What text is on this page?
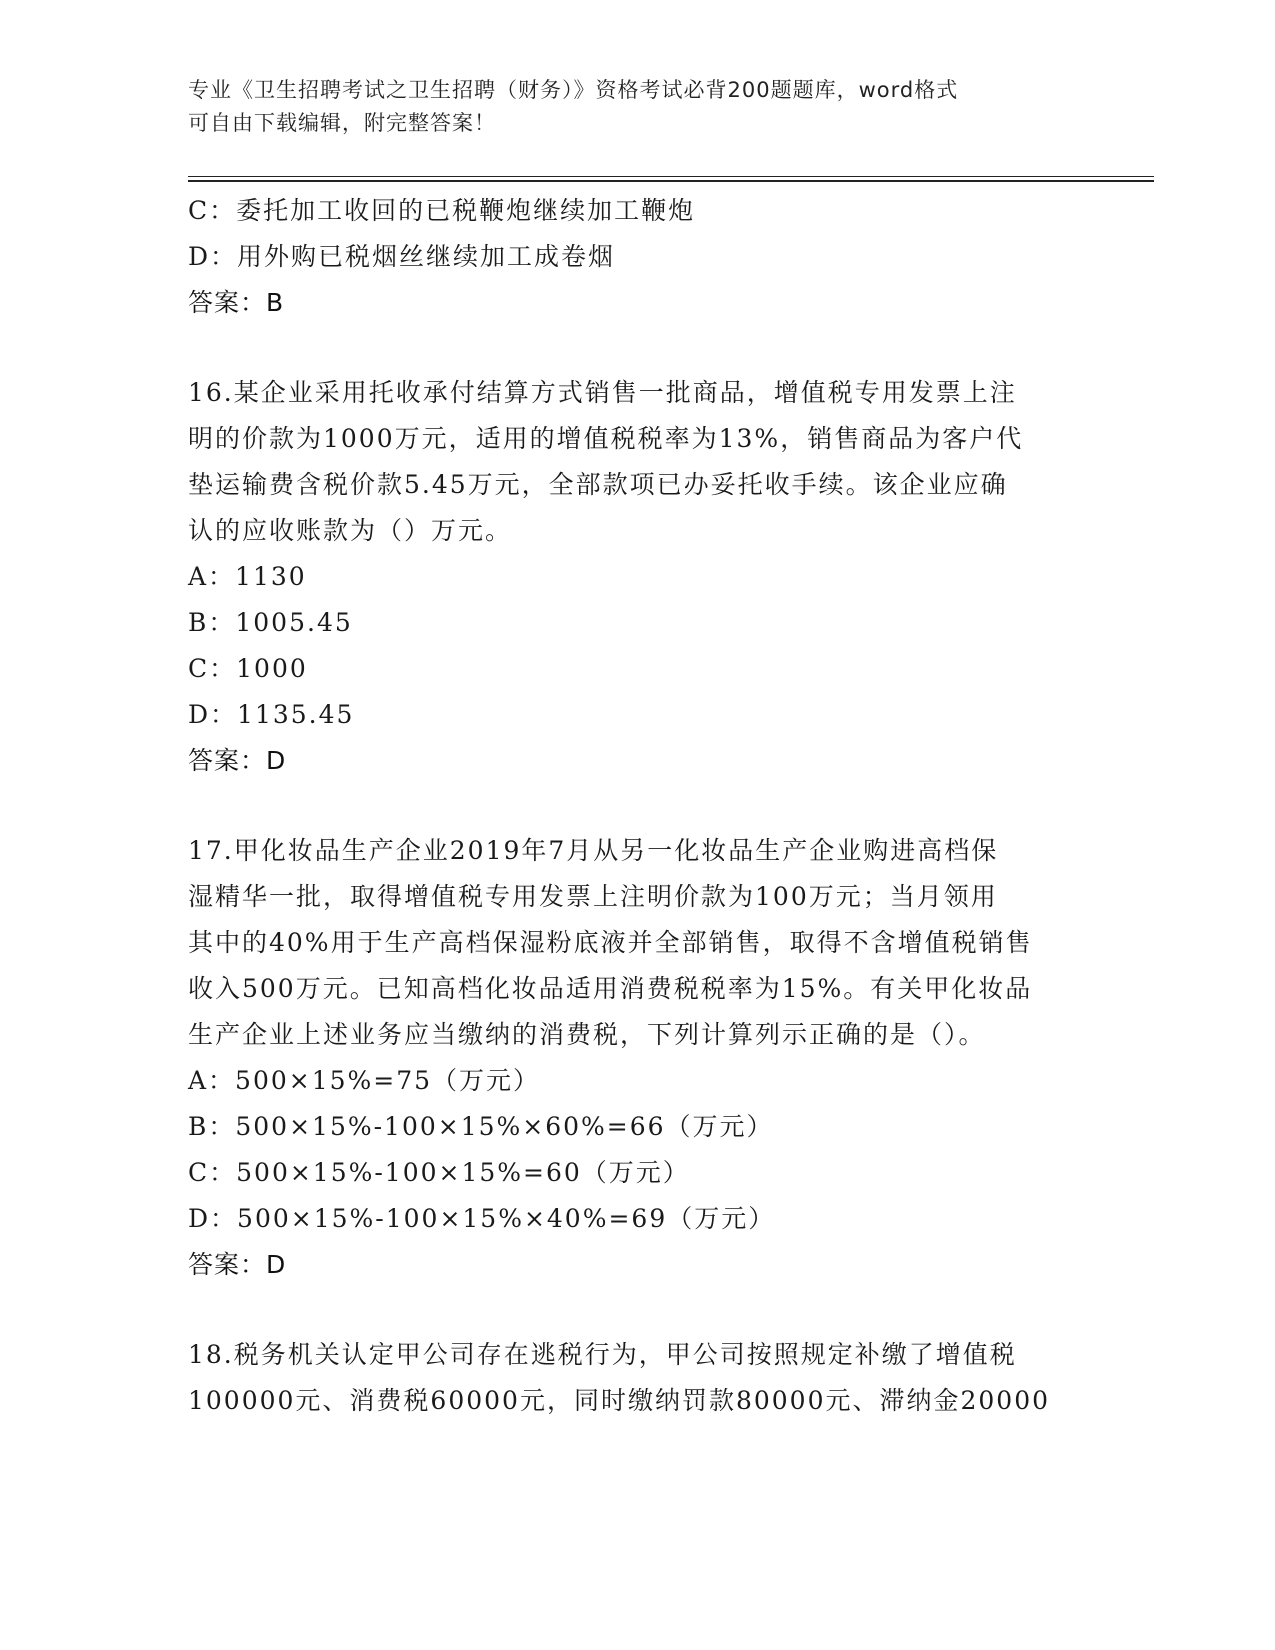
专业《卫生招聘考试之卫生招聘（财务）》资格考试必背200题题库，word格式
可自由下载编辑，附完整答案！
C：委托加工收回的已税鞭炮继续加工鞭炮
D：用外购已税烟丝继续加工成卷烟
答案：B
16.某企业采用托收承付结算方式销售一批商品，增值税专用发票上注
明的价款为1000万元，适用的增值税税率为13%，销售商品为客户代
垫运输费含税价款5.45万元，全部款项已办妥托收手续。该企业应确
认的应收账款为（）万元。
A：1130
B：1005.45
C：1000
D：1135.45
答案：D
17.甲化妆品生产企业2019年7月从另一化妆品生产企业购进高档保
湿精华一批，取得增值税专用发票上注明价款为100万元；当月领用
其中的40%用于生产高档保湿粉底液并全部销售，取得不含增值税销售
收入500万元。已知高档化妆品适用消费税税率为15%。有关甲化妆品
生产企业上述业务应当缴纳的消费税，下列计算列示正确的是（）。
A：500×15%=75（万元）
B：500×15%-100×15%×60%=66（万元）
C：500×15%-100×15%=60（万元）
D：500×15%-100×15%×40%=69（万元）
答案：D
18.税务机关认定甲公司存在逃税行为，甲公司按照规定补缴了增值税
100000元、消费税60000元，同时缴纳罚款80000元、滞纳金20000
